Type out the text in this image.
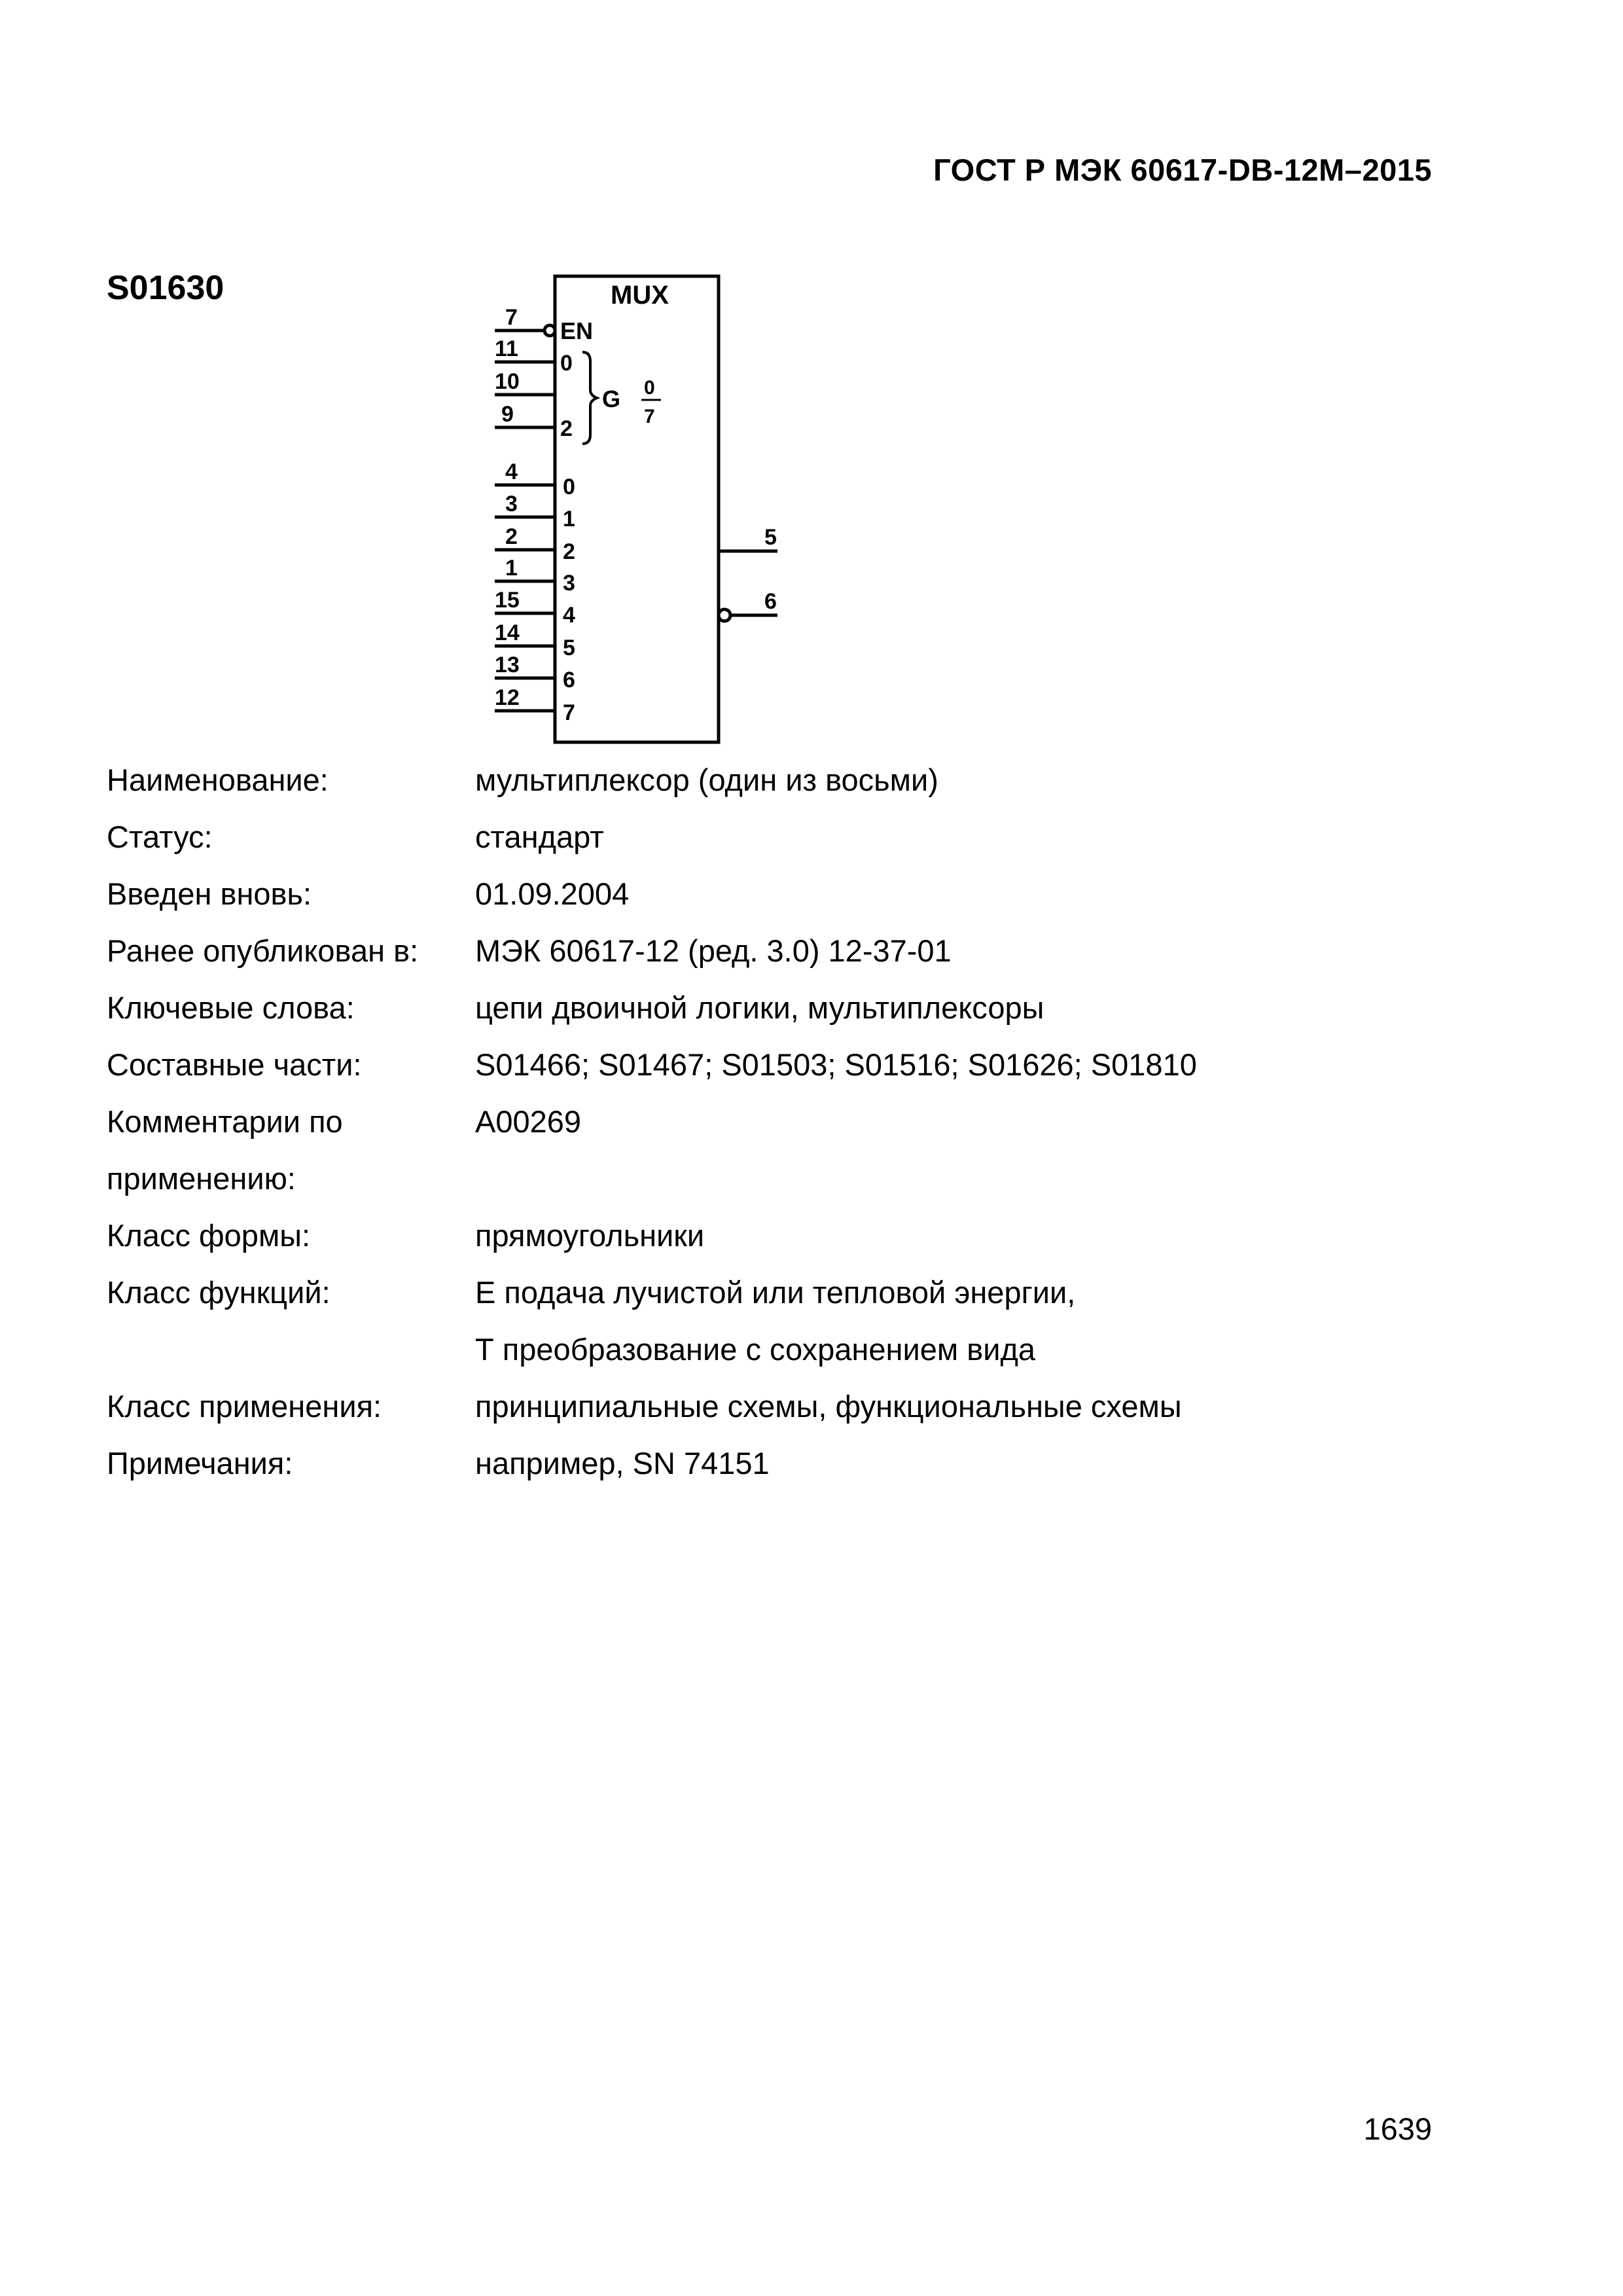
ГОСТ Р МЭК 60617-DB-12M–2015
S01630	MUX
EN
0
2
G 0
7
0
1
2
3
4
5
6
7
7
11
10
9
4
3
2
1
15
14
13
12
5
6
Наименование:	мультиплексор (один из восьми)
Статус:	стандарт
Введен вновь:	01.09.2004
Ранее опубликован в:	МЭК 60617-12 (ред. 3.0) 12-37-01
Ключевые слова:	цепи двоичной логики, мультиплексоры
Составные части:	S01466; S01467; S01503; S01516; S01626; S01810

Комментарии по
применению:	A00269
Класс формы:	прямоугольники
Класс функций:	Е подача лучистой или тепловой энергии,
Т преобразование с сохранением вида

Класс применения:	принципиальные схемы, функциональные схемы
Примечания:	например, SN 74151
1639
